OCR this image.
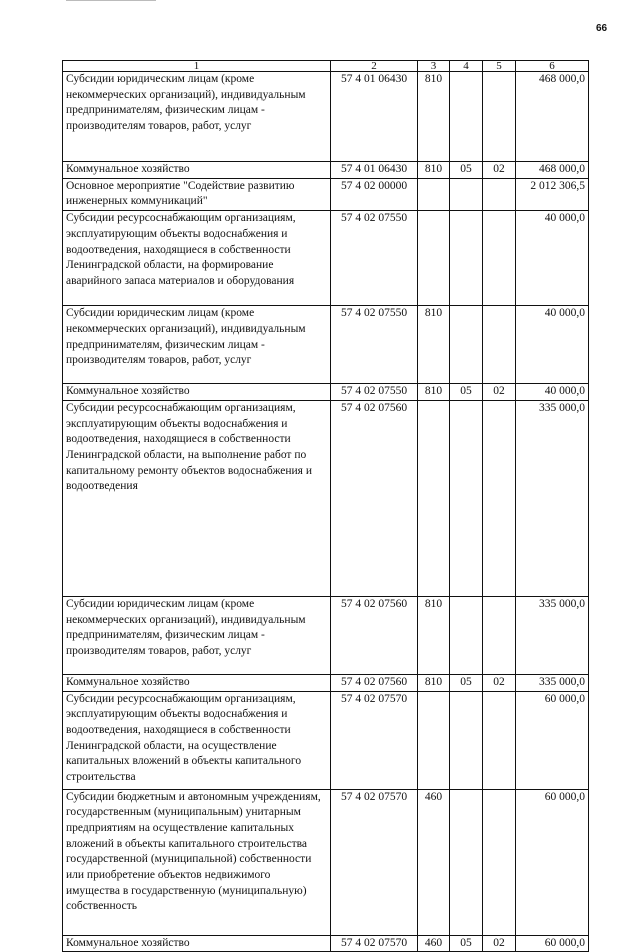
66
1	2	3	4	5	6
Субсидии юридическим лицам (кроме некоммерческих организаций), индивидуальным предпринимателям, физическим лицам - производителям товаров, работ, услуг	57 4 01 06430	810			468 000,0
Коммунальное хозяйство	57 4 01 06430	810	05	02	468 000,0
Основное мероприятие "Содействие развитию инженерных коммуникаций"	57 4 02 00000				2 012 306,5
Субсидии ресурсоснабжающим организациям, эксплуатирующим объекты водоснабжения и водоотведения, находящиеся в собственности Ленинградской области, на формирование аварийного запаса материалов и оборудования	57 4 02 07550				40 000,0
Субсидии юридическим лицам (кроме некоммерческих организаций), индивидуальным предпринимателям, физическим лицам - производителям товаров, работ, услуг	57 4 02 07550	810			40 000,0
Коммунальное хозяйство	57 4 02 07550	810	05	02	40 000,0
Субсидии ресурсоснабжающим организациям, эксплуатирующим объекты водоснабжения и водоотведения, находящиеся в собственности Ленинградской области, на выполнение работ по капитальному ремонту объектов водоснабжения и водоотведения	57 4 02 07560				335 000,0
Субсидии юридическим лицам (кроме некоммерческих организаций), индивидуальным предпринимателям, физическим лицам - производителям товаров, работ, услуг	57 4 02 07560	810			335 000,0
Коммунальное хозяйство	57 4 02 07560	810	05	02	335 000,0
Субсидии ресурсоснабжающим организациям, эксплуатирующим объекты водоснабжения и водоотведения, находящиеся в собственности Ленинградской области, на осуществление капитальных вложений в объекты капитального строительства	57 4 02 07570				60 000,0
Субсидии бюджетным и автономным учреждениям, государственным (муниципальным) унитарным предприятиям на осуществление капитальных вложений в объекты капитального строительства государственной (муниципальной) собственности или приобретение объектов недвижимого имущества в государственную (муниципальную) собственность	57 4 02 07570	460			60 000,0
Коммунальное хозяйство	57 4 02 07570	460	05	02	60 000,0
